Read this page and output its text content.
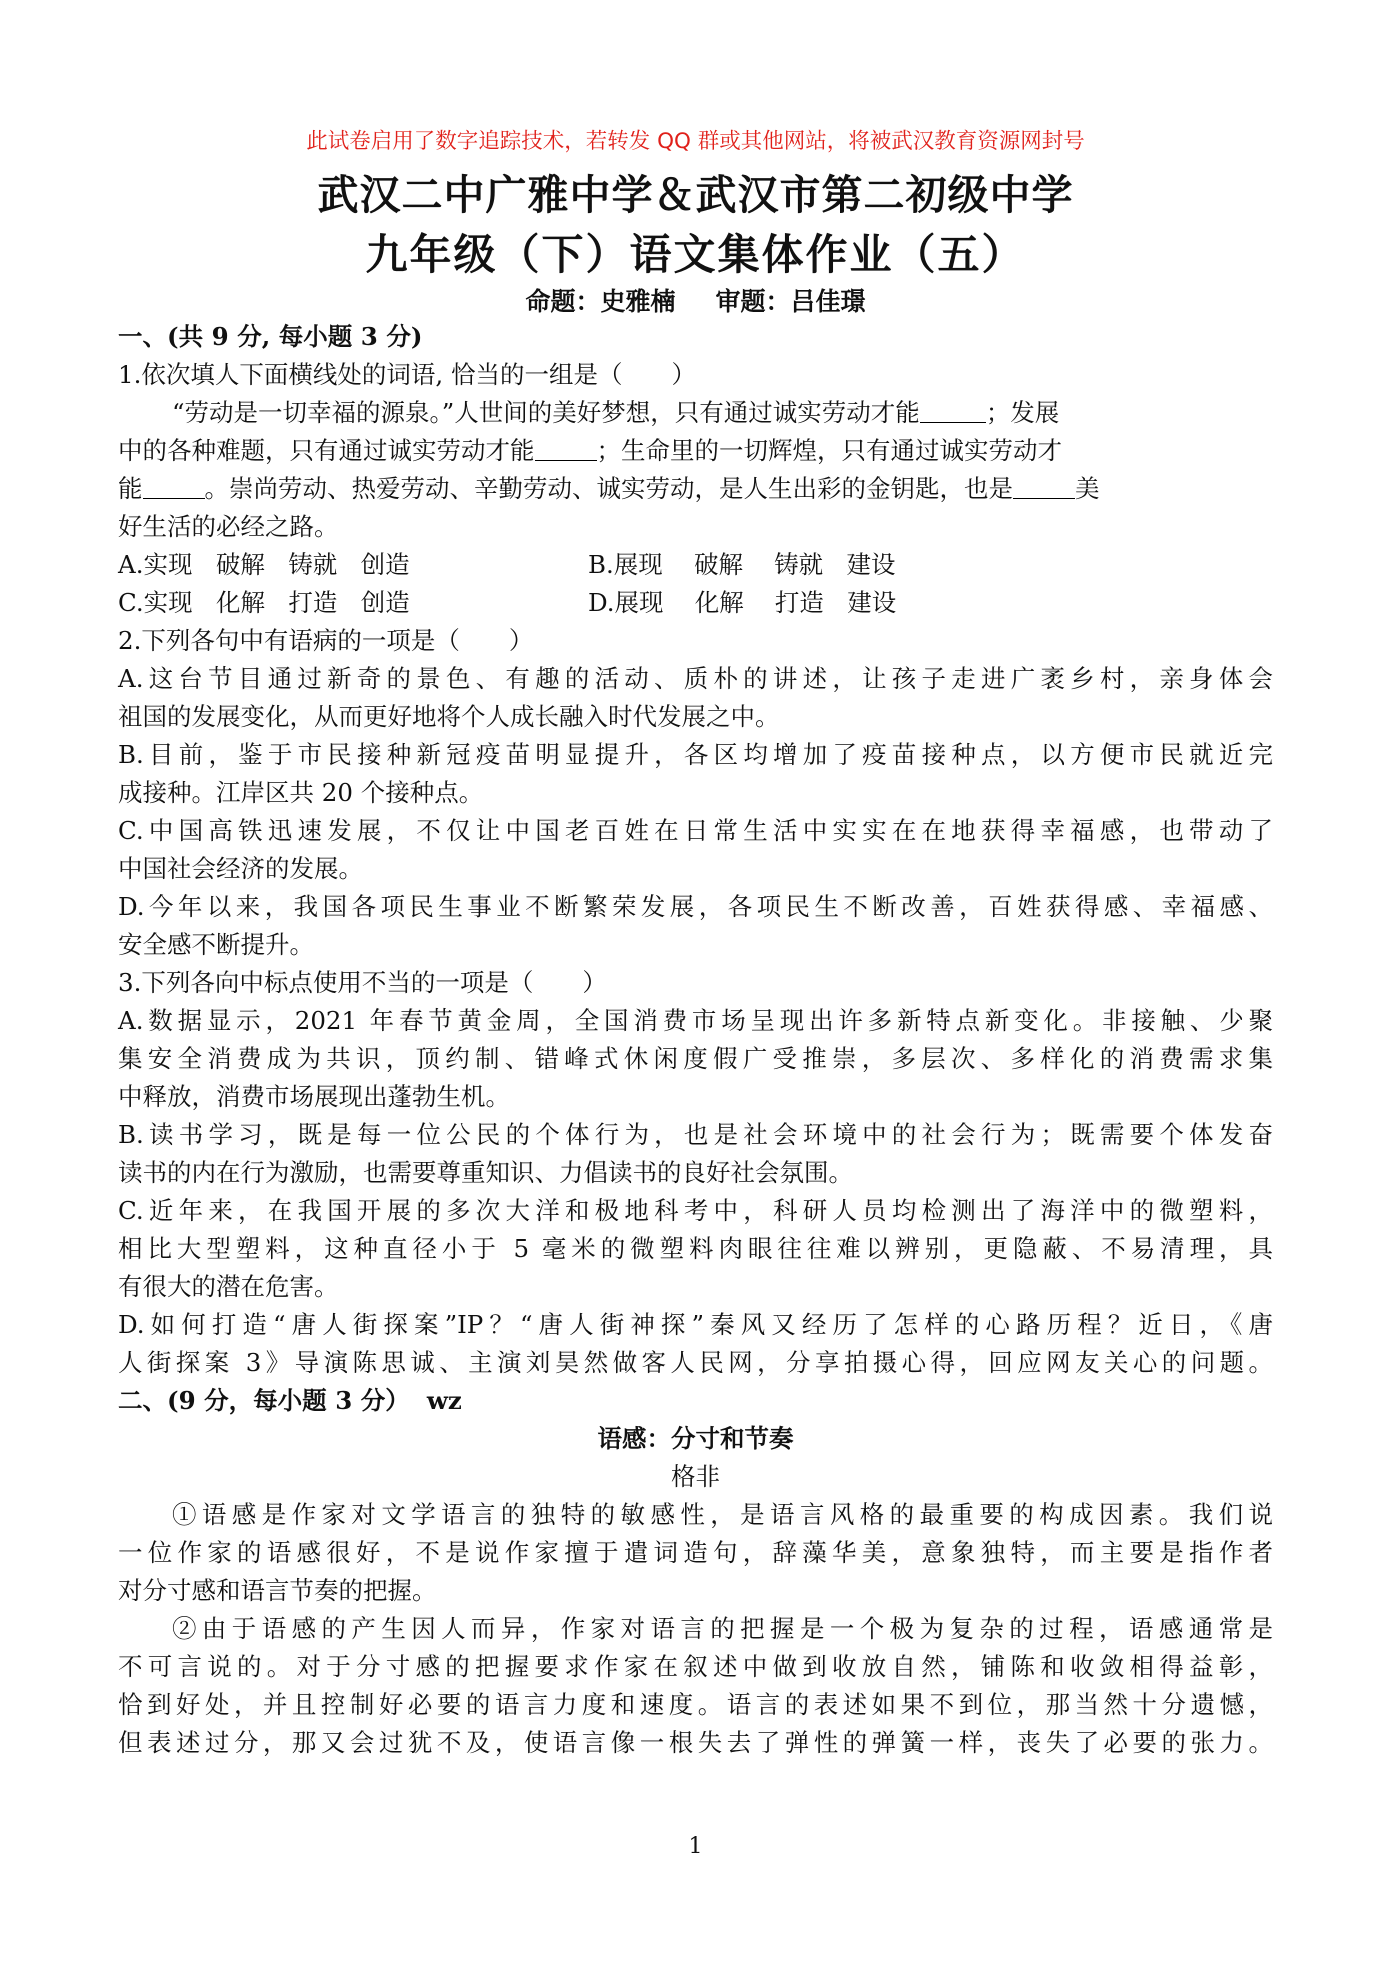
此试卷启用了数字追踪技术，若转发 QQ 群或其他网站，将被武汉教育资源网封号
武汉二中广雅中学＆武汉市第二初级中学
九年级（下）语文集体作业（五）
命题：史雅楠 审题：吕佳璟
一、(共 9 分, 每小题 3 分)
1.依次填人下面横线处的词语, 恰当的一组是（　　）
“劳动是一切幸福的源泉。”人世间的美好梦想，只有通过诚实劳动才能	；发展
中的各种难题，只有通过诚实劳动才能	；生命里的一切辉煌，只有通过诚实劳动才
能	。崇尚劳动、热爱劳动、辛勤劳动、诚实劳动，是人生出彩的金钥匙，也是	美
好生活的必经之路。
A.实现 破解 铸就 创造	B.展现 破解 铸就 建设
C.实现 化解 打造 创造	D.展现 化解 打造 建设
2.下列各句中有语病的一项是（　　）
A.这台节目通过新奇的景色、有趣的活动、质朴的讲述，让孩子走进广袤乡村，亲身体会
祖国的发展变化，从而更好地将个人成长融入时代发展之中。
B.目前，鉴于市民接种新冠疫苗明显提升，各区均增加了疫苗接种点，以方便市民就近完
成接种。江岸区共 20 个接种点。
C.中国高铁迅速发展，不仅让中国老百姓在日常生活中实实在在地获得幸福感，也带动了
中国社会经济的发展。
D.今年以来，我国各项民生事业不断繁荣发展，各项民生不断改善，百姓获得感、幸福感、
安全感不断提升。
3.下列各向中标点使用不当的一项是（　　）
A.数据显示，2021 年春节黄金周，全国消费市场呈现出许多新特点新变化。非接触、少聚
集安全消费成为共识，顶约制、错峰式休闲度假广受推崇，多层次、多样化的消费需求集
中释放，消费市场展现出蓬勃生机。
B.读书学习，既是每一位公民的个体行为，也是社会环境中的社会行为；既需要个体发奋
读书的内在行为激励，也需要尊重知识、力倡读书的良好社会氛围。
C.近年来，在我国开展的多次大洋和极地科考中，科研人员均检测出了海洋中的微塑料，
相比大型塑料，这种直径小于 5 毫米的微塑料肉眼往往难以辨别，更隐蔽、不易清理，具
有很大的潜在危害。
D.如何打造“唐人街探案”IP？“唐人街神探”秦风又经历了怎样的心路历程？近日，《唐
人街探案 3》导演陈思诚、主演刘昊然做客人民网，分享拍摄心得，回应网友关心的问题。
二、(9 分，每小题 3 分） wz
语感：分寸和节奏
格非
①语感是作家对文学语言的独特的敏感性，是语言风格的最重要的构成因素。我们说
一位作家的语感很好，不是说作家擅于遣词造句，辞藻华美，意象独特，而主要是指作者
对分寸感和语言节奏的把握。
②由于语感的产生因人而异，作家对语言的把握是一个极为复杂的过程，语感通常是
不可言说的。对于分寸感的把握要求作家在叙述中做到收放自然，铺陈和收敛相得益彰，
恰到好处，并且控制好必要的语言力度和速度。语言的表述如果不到位，那当然十分遗憾，
但表述过分，那又会过犹不及，使语言像一根失去了弹性的弹簧一样，丧失了必要的张力。
1
